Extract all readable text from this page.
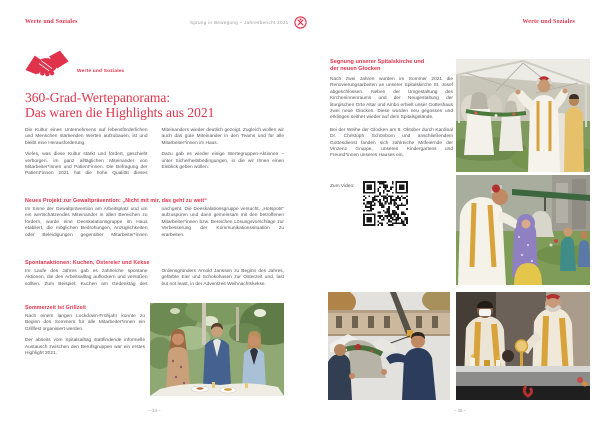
Werte und Soziales	Sprung in Bewegung – Jahresbericht 2021	Werte und Soziales
Werte und Soziales
360-Grad-Wertepanorama:
Das waren die Highlights aus 2021

Die Kultur eines Unternehmens auf lebensförderlichen und Menschen stärkenden Werten aufzubauen, ist und bleibt eine Herausforderung.

Vieles, was diese Kultur stärkt und fördert, geschieht verborgen, im ganz alltäglichen Miteinander von Mitarbeiter*innen und Patient*innen. Die Befragung der Patient*innen 2021 hat die hohe Qualität dieses Miteinanders wieder deutlich gezeigt. Zugleich wollen wir auch das gute Miteinander in den Teams und für alle Mitarbeiter*innen im Haus.

Dazu gab es wieder einige Wertegruppen-Aktionen – unter Sicherheitsbedingungen, in die wir Ihnen einen Einblick geben wollen.

Neues Projekt zur Gewaltprävention: „Nicht mit mir, das geht zu weit“
Im Sinne der Gewaltprävention am Arbeitsplatz und um ein wertschätzendes Miteinander in allen Bereichen zu fördern, wurde eine Deeskalationsgruppe im Haus etabliert, die möglichen Bedrohungen, Anzüglichkeiten oder Beleidigungen gegenüber Mitarbeiter*innen nachgeht. Die Deeskalationsgruppe versucht, „Hotspots“ aufzuspüren und dann gemeinsam mit den betroffenen Mitarbeiter*innen bzw. Bereichen Lösungsvorschläge zur Verbesserung der Kommunikationssituation zu erarbeiten.
Spontanaktionen: Kuchen, Ostereier und Kekse
Im Laufe des Jahres gab es zahlreiche spontane Aktionen, die den Arbeitsalltag auflockern und versüßen sollten. Zum Beispiel: Kuchen am Gedenktag des Ordensgründers Arnold Janssen zu Beginn des Jahres, gefärbte Eier und Schokohasen zur Osterzeit und, last but not least, in der Adventzeit Weihnachtskekse.
Sommerzeit ist Grillzeit

Nach einem langen Lockdown-Frühjahr konnte zu Beginn des Sommers für alle Mitarbeiter*innen ein Grillfest organisiert werden.

Der abseits vom Spitalsalltag stattfindende informelle Austausch zwischen den Berufsgruppen war ein erstes Highlight 2021.

– 34 –
Segnung unserer Spitalskirche und
der neuen Glocken

Nach zwei Jahren wurden im Sommer 2021 die Renovierungsarbeiten an unserer Spitalskirche St. Josef abgeschlossen. Neben der Umgestaltung des Kircheninnenraums und der Neugestaltung der liturgischen Orte Altar und Ambo erhielt unser Gotteshaus zwei neue Glocken. Diese wurden neu gegossen und erklingen seither wieder auf dem Spitalsgelände.

Bei der Weihe der Glocken am 8. Oktober durch Kardinal Dr. Christoph Schönborn und anschließendem Gottesdienst fanden sich zahlreiche Mitfeiernde der Vinzenz Gruppe, unseres Kindergartens und Freund*innen unseres Hauses ein.

Zum Video:
– 35 –
